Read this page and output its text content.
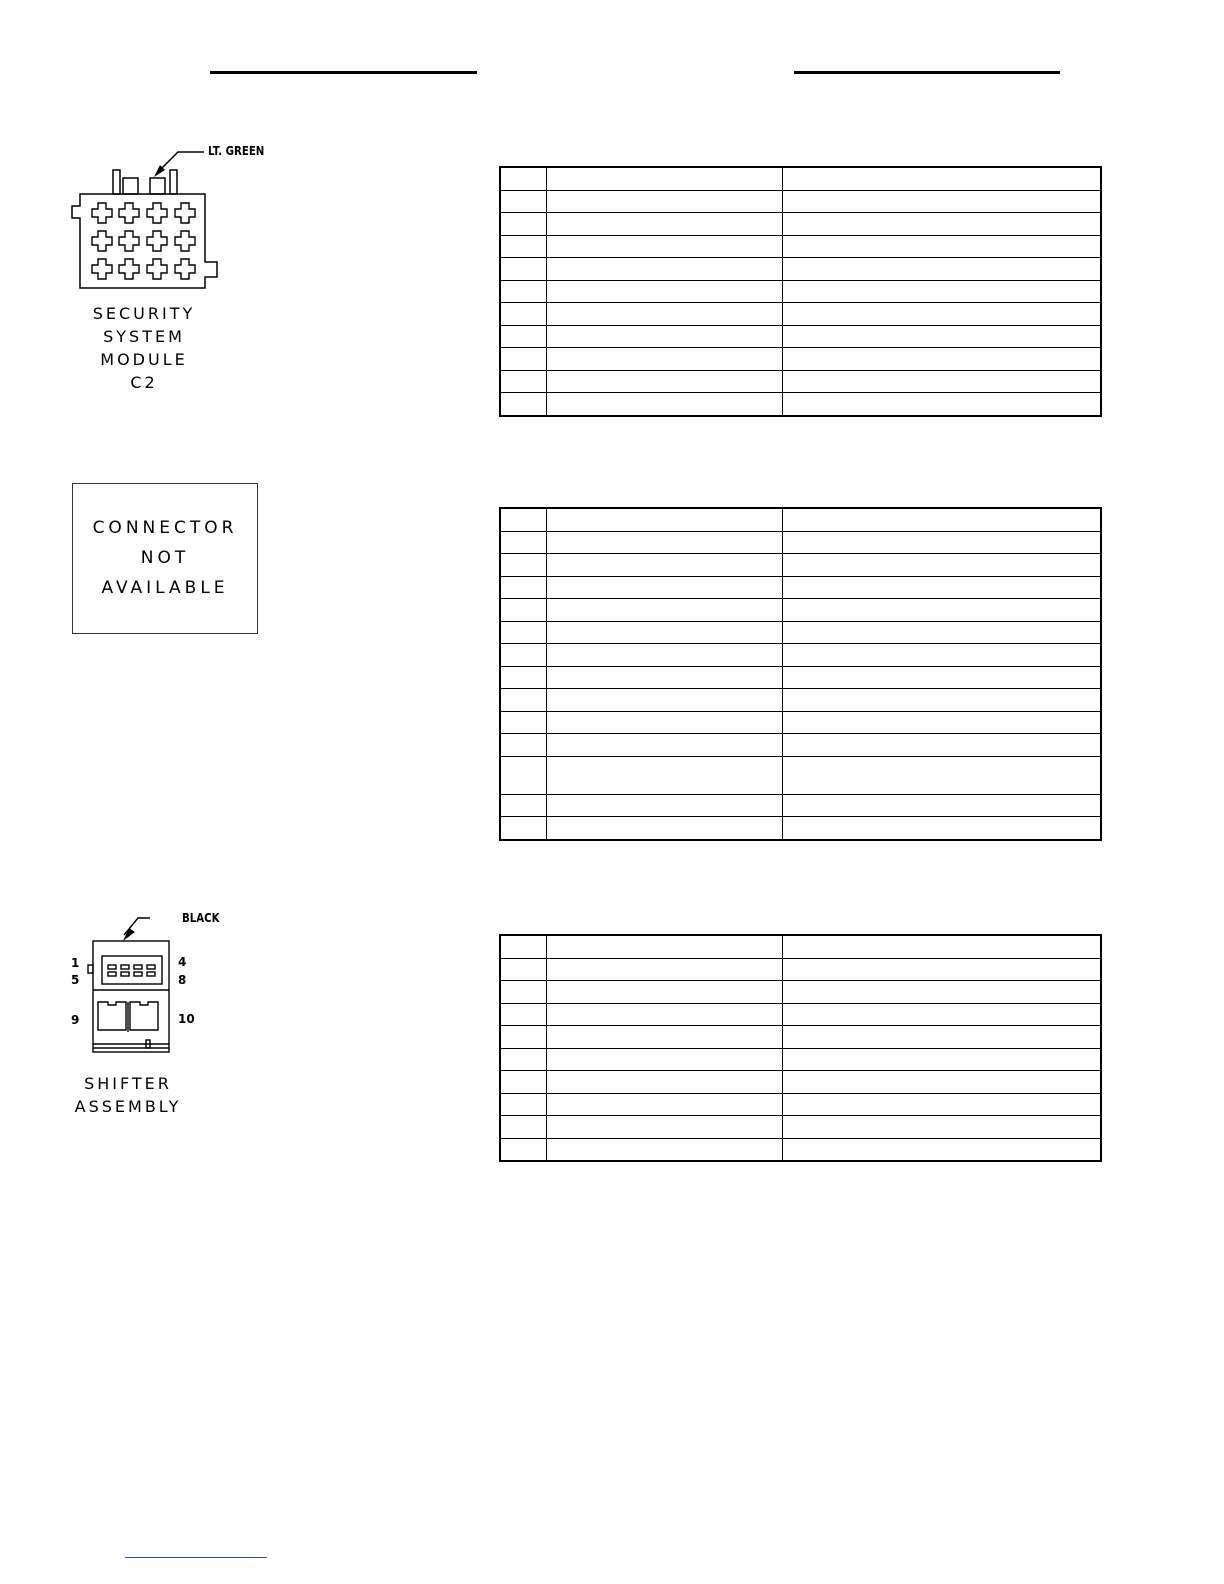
LT. GREEN
SECURITY
SYSTEM
MODULE
C2

CONNECTOR
NOT
AVAILABLE

BLACK
1
5
4
8
9	10
SHIFTER
ASSEMBLY
